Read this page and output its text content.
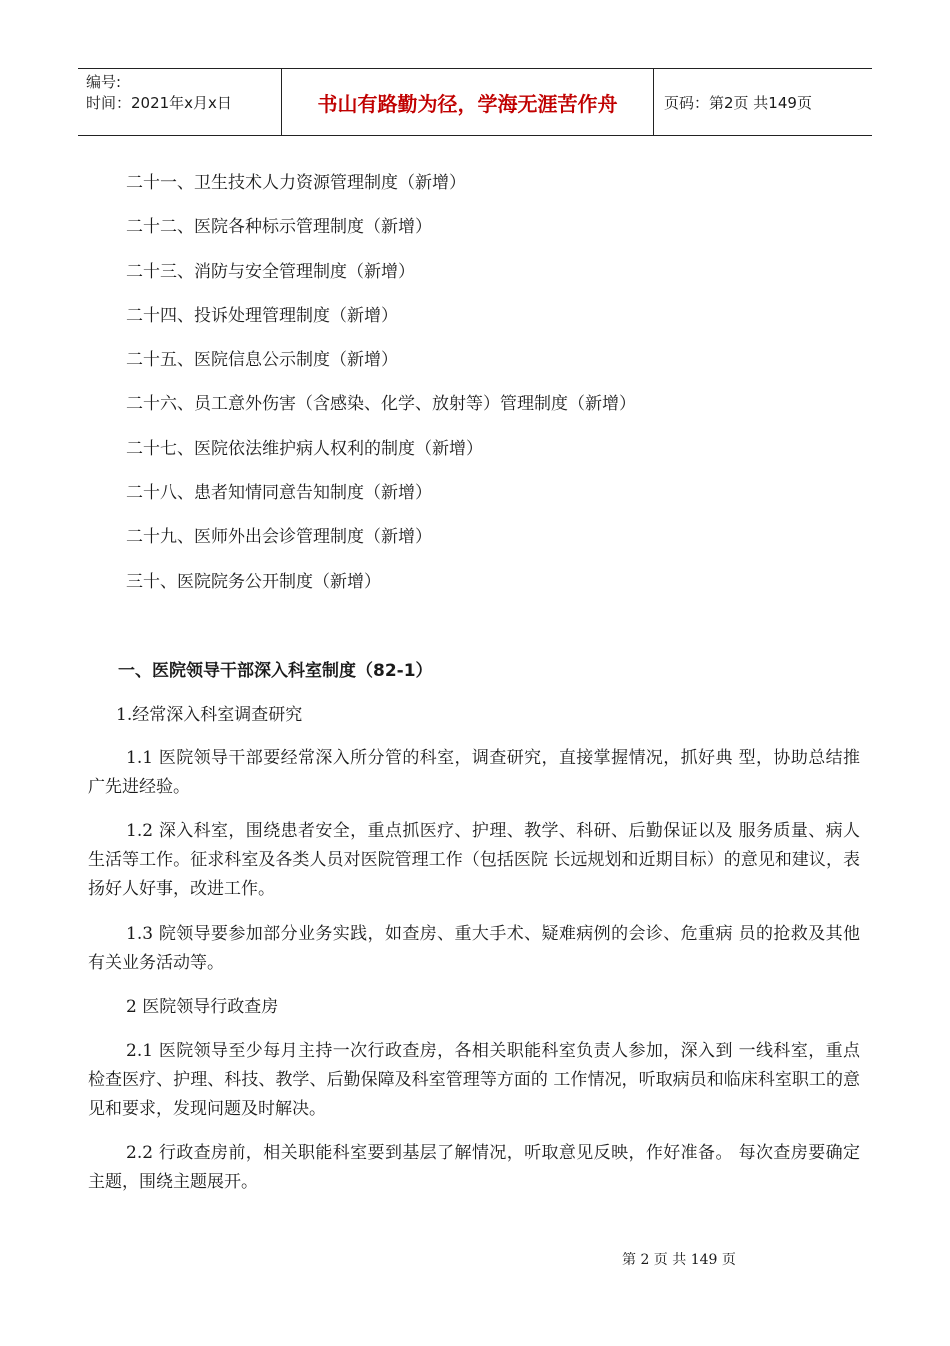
编号:
时间：2021年x月x日	书山有路勤为径，学海无涯苦作舟	页码：第2页 共149页
二十一、卫生技术人力资源管理制度（新增）
二十二、医院各种标示管理制度（新增）
二十三、消防与安全管理制度（新增）
二十四、投诉处理管理制度（新增）
二十五、医院信息公示制度（新增）
二十六、员工意外伤害（含感染、化学、放射等）管理制度（新增）
二十七、医院依法维护病人权利的制度（新增）
二十八、患者知情同意告知制度（新增）
二十九、医师外出会诊管理制度（新增）
三十、医院院务公开制度（新增）
一、医院领导干部深入科室制度（82-1）
1.经常深入科室调查研究
1.1 医院领导干部要经常深入所分管的科室，调查研究，直接掌握情况，抓好典 型，协助总结推广先进经验。
1.2 深入科室，围绕患者安全，重点抓医疗、护理、教学、科研、后勤保证以及 服务质量、病人生活等工作。征求科室及各类人员对医院管理工作（包括医院 长远规划和近期目标）的意见和建议，表扬好人好事，改进工作。
1.3 院领导要参加部分业务实践，如查房、重大手术、疑难病例的会诊、危重病 员的抢救及其他有关业务活动等。
2 医院领导行政查房
2.1 医院领导至少每月主持一次行政查房，各相关职能科室负责人参加，深入到 一线科室，重点检查医疗、护理、科技、教学、后勤保障及科室管理等方面的 工作情况，听取病员和临床科室职工的意见和要求，发现问题及时解决。
2.2 行政查房前，相关职能科室要到基层了解情况，听取意见反映，作好准备。 每次查房要确定主题，围绕主题展开。
第 2 页 共 149 页
